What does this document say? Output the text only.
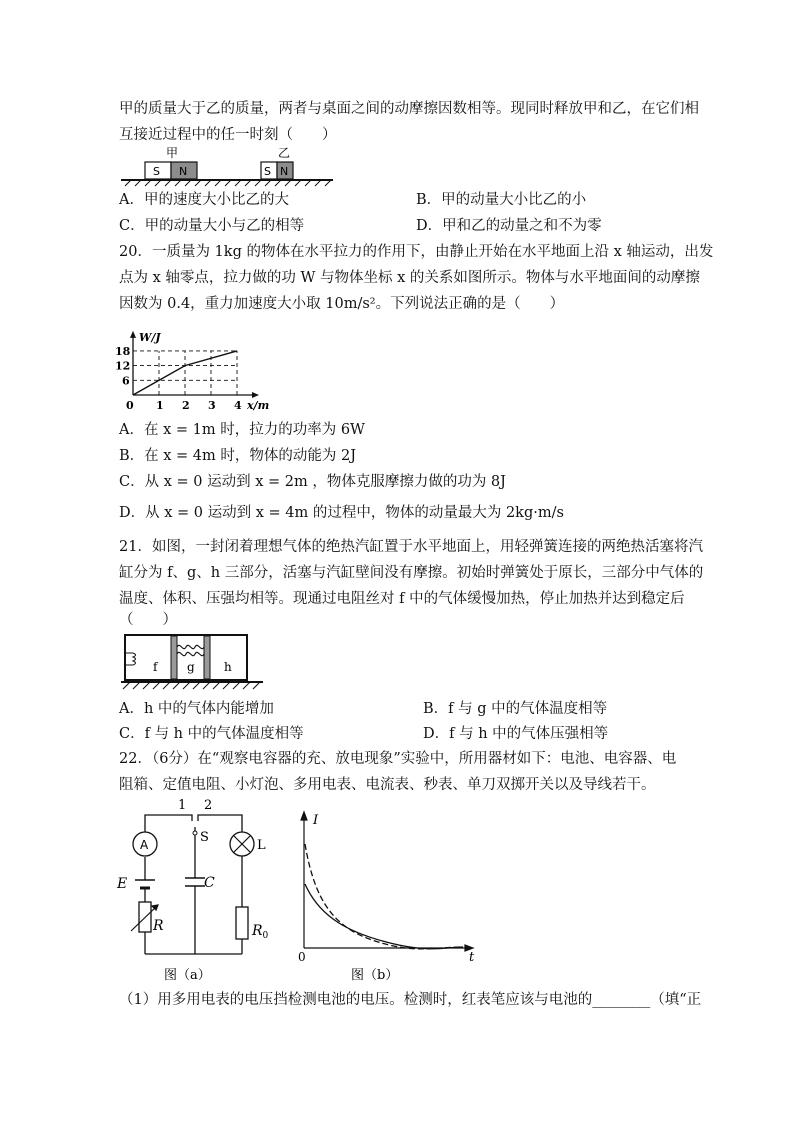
甲的质量大于乙的质量，两者与桌面之间的动摩擦因数相等。现同时释放甲和乙，在它们相
互接近过程中的任一时刻（　　）
甲	乙
S N	S N
A．甲的速度大小比乙的大	B．甲的动量大小比乙的小
C．甲的动量大小与乙的相等	D．甲和乙的动量之和不为零
20．一质量为 1kg 的物体在水平拉力的作用下，由静止开始在水平地面上沿 x 轴运动，出发
点为 x 轴零点，拉力做的功 W 与物体坐标 x 的关系如图所示。物体与水平地面间的动摩擦
因数为 0.4，重力加速度大小取 10m/s²。下列说法正确的是（　　）
0 1 2 3 4
6
12
18
x/m
W/J
A．在 x = 1m 时，拉力的功率为 6W
B．在 x = 4m 时，物体的动能为 2J
C．从 x = 0 运动到 x = 2m ，物体克服摩擦力做的功为 8J
D．从 x = 0 运动到 x = 4m 的过程中，物体的动量最大为 2kg·m/s
21．如图，一封闭着理想气体的绝热汽缸置于水平地面上，用轻弹簧连接的两绝热活塞将汽
缸分为 f、g、h 三部分，活塞与汽缸壁间没有摩擦。初始时弹簧处于原长，三部分中气体的
温度、体积、压强均相等。现通过电阻丝对 f 中的气体缓慢加热，停止加热并达到稳定后
（　　）
f g h
A．h 中的气体内能增加	B．f 与 g 中的气体温度相等
C．f 与 h 中的气体温度相等	D．f 与 h 中的气体压强相等
22．（6分）在“观察电容器的充、放电现象”实验中，所用器材如下：电池、电容器、电
阻箱、定值电阻、小灯泡、多用电表、电流表、秒表、单刀双掷开关以及导线若干。
1 2
S
A
E
R
C
L
$R_0$
图（a）
I
t
0
图（b）
（1）用多用电表的电压挡检测电池的电压。检测时，红表笔应该与电池的________（填“正
